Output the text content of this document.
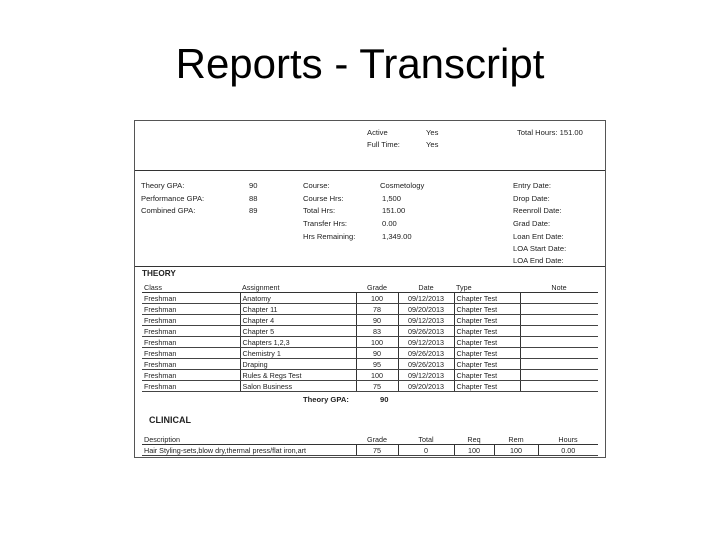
Reports - Transcript
Active	Yes
Full Time:	Yes
Total Hours: 151.00
Theory GPA:	90
Performance GPA:	88
Combined GPA:	89
Course:	Cosmetology
Course Hrs:	1,500
Total Hrs:	151.00
Transfer Hrs:	0.00
Hrs Remaining:	1,349.00
Entry Date:
Drop Date:
Reenroll Date:
Grad Date:
Loan Ent Date:
LOA Start Date:
LOA End Date:
THEORY
Class	Assignment	Grade	Date	Type	Note
Freshman	Anatomy	100	09/12/2013	Chapter Test	
Freshman	Chapter 11	78	09/20/2013	Chapter Test	
Freshman	Chapter 4	90	09/12/2013	Chapter Test	
Freshman	Chapter 5	83	09/26/2013	Chapter Test	
Freshman	Chapters 1,2,3	100	09/12/2013	Chapter Test	
Freshman	Chemistry 1	90	09/26/2013	Chapter Test	
Freshman	Draping	95	09/26/2013	Chapter Test	
Freshman	Rules & Regs Test	100	09/12/2013	Chapter Test	
Freshman	Salon Business	75	09/20/2013	Chapter Test	
Theory GPA:	90
CLINICAL
Description	Grade	Total	Req	Rem	Hours
Hair Styling-sets,blow dry,thermal press/flat iron,art	75	0	100	100	0.00
